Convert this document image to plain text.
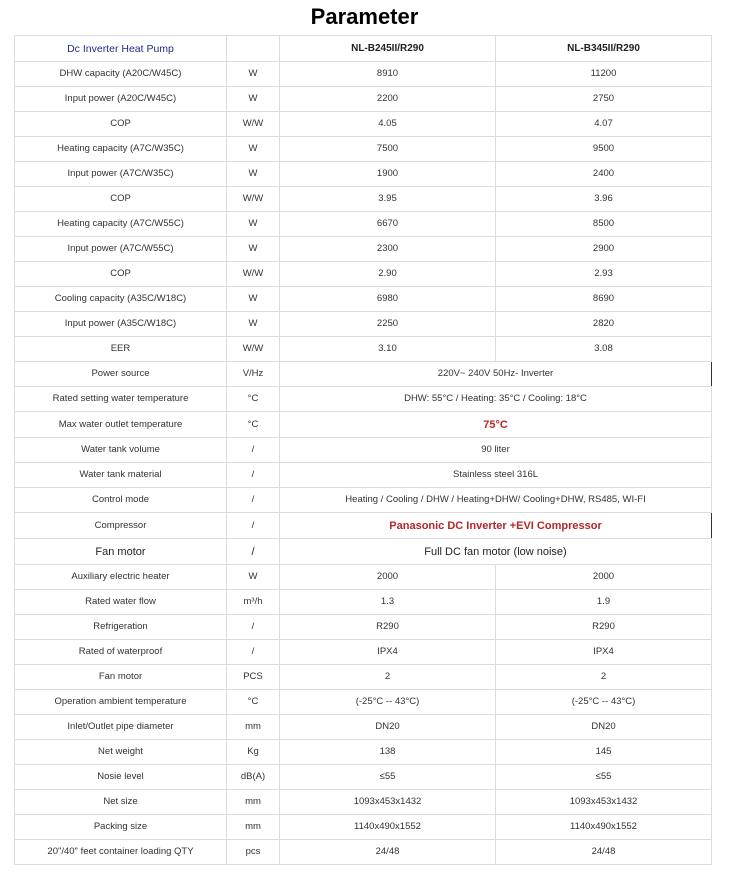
Parameter
Dc Inverter Heat Pump		NL-B245II/R290	NL-B345II/R290
DHW capacity (A20C/W45C)	W	8910	11200
Input power (A20C/W45C)	W	2200	2750
COP	W/W	4.05	4.07
Heating capacity (A7C/W35C)	W	7500	9500
Input power (A7C/W35C)	W	1900	2400
COP	W/W	3.95	3.96
Heating capacity (A7C/W55C)	W	6670	8500
Input power (A7C/W55C)	W	2300	2900
COP	W/W	2.90	2.93
Cooling capacity (A35C/W18C)	W	6980	8690
Input power (A35C/W18C)	W	2250	2820
EER	W/W	3.10	3.08
Power source	V/Hz	220V~ 240V 50Hz- Inverter	
Rated setting water temperature	°C	DHW: 55°C / Heating: 35°C / Cooling: 18°C	
Max water outlet temperature	°C	75°C	
Water tank volume	/	90 liter	
Water tank material	/	Stainless steel 316L	
Control mode	/	Heating / Cooling / DHW / Heating+DHW/ Cooling+DHW, RS485, WI-FI	
Compressor	/	Panasonic DC Inverter +EVI Compressor	
Fan motor	/	Full DC fan motor (low noise)	
Auxiliary electric heater	W	2000	2000
Rated water flow	m³/h	1.3	1.9
Refrigeration	/	R290	R290
Rated of waterproof	/	IPX4	IPX4
Fan motor	PCS	2	2
Operation ambient temperature	°C	(-25°C -- 43°C)	(-25°C -- 43°C)
Inlet/Outlet pipe diameter	mm	DN20	DN20
Net weight	Kg	138	145
Nosie level	dB(A)	≤55	≤55
Net size	mm	1093x453x1432	1093x453x1432
Packing size	mm	1140x490x1552	1140x490x1552
20"/40" feet container loading QTY	pcs	24/48	24/48
